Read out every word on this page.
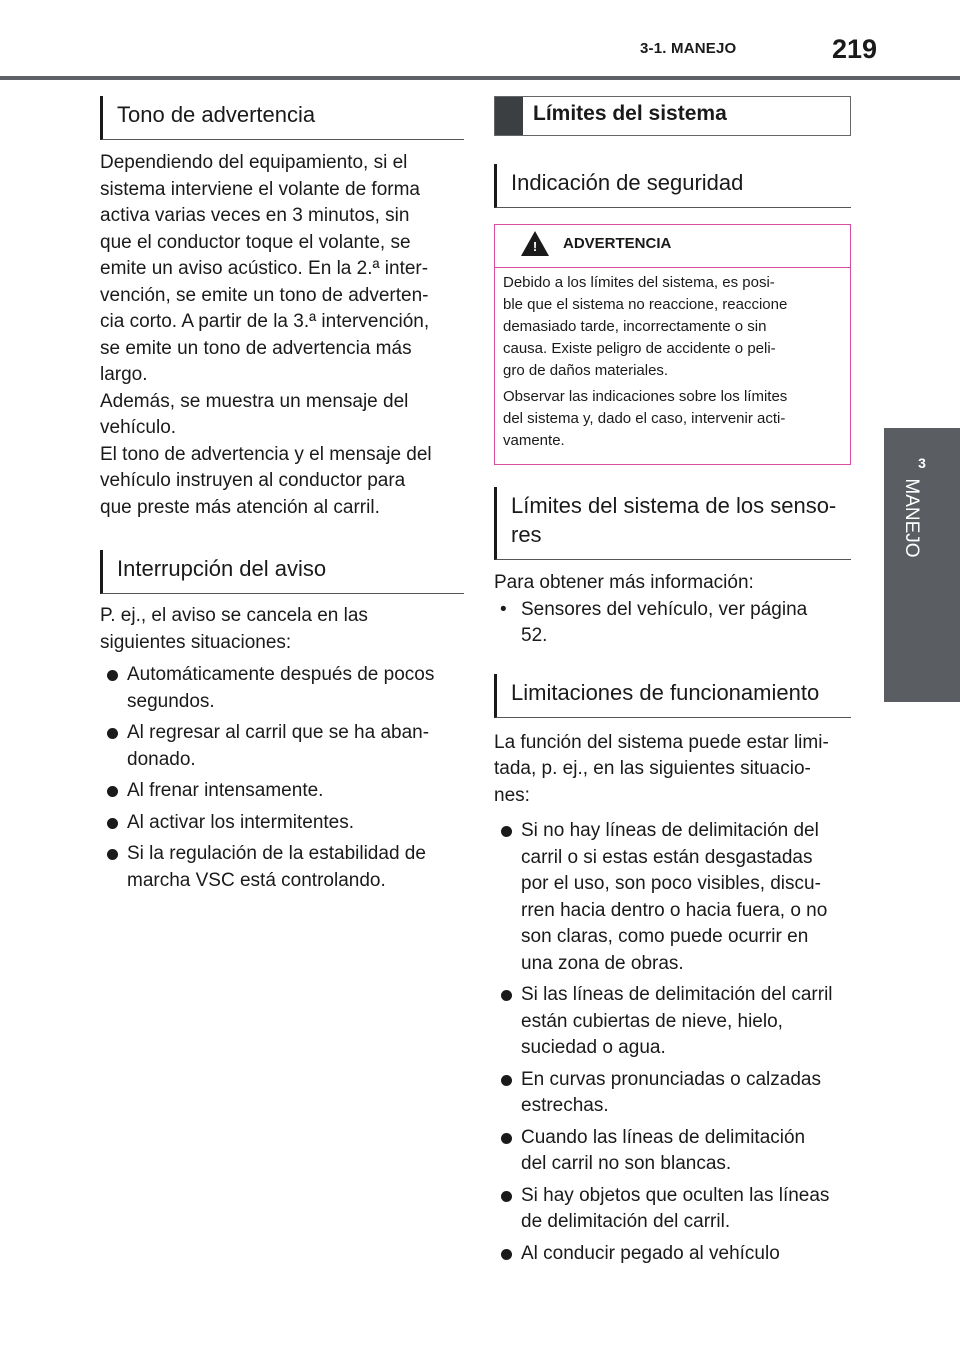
3-1. MANEJO	219
3
MANEJO
Tono de advertencia

Dependiendo del equipamiento, si el
sistema interviene el volante de forma
activa varias veces en 3 minutos, sin
que el conductor toque el volante, se
emite un aviso acústico. En la 2.ª inter-
vención, se emite un tono de adverten-
cia corto. A partir de la 3.ª intervención,
se emite un tono de advertencia más
largo.
Además, se muestra un mensaje del
vehículo.
El tono de advertencia y el mensaje del
vehículo instruyen al conductor para
que preste más atención al carril.

Interrupción del aviso

P. ej., el aviso se cancela en las
siguientes situaciones:

Automáticamente después de pocos
segundos.
Al regresar al carril que se ha aban-
donado.
Al frenar intensamente.
Al activar los intermitentes.
Si la regulación de la estabilidad de
marcha VSC está controlando.
Límites del sistema
Indicación de seguridad
! ADVERTENCIA
Debido a los límites del sistema, es posi-
ble que el sistema no reaccione, reaccione
demasiado tarde, incorrectamente o sin
causa. Existe peligro de accidente o peli-
gro de daños materiales.
Observar las indicaciones sobre los límites
del sistema y, dado el caso, intervenir acti-
vamente.
Límites del sistema de los senso-
res

Para obtener más información:

• Sensores del vehículo, ver página
52.
Limitaciones de funcionamiento

La función del sistema puede estar limi-
tada, p. ej., en las siguientes situacio-
nes:

Si no hay líneas de delimitación del
carril o si estas están desgastadas
por el uso, son poco visibles, discu-
rren hacia dentro o hacia fuera, o no
son claras, como puede ocurrir en
una zona de obras.
Si las líneas de delimitación del carril
están cubiertas de nieve, hielo,
suciedad o agua.
En curvas pronunciadas o calzadas
estrechas.
Cuando las líneas de delimitación
del carril no son blancas.
Si hay objetos que oculten las líneas
de delimitación del carril.
Al conducir pegado al vehículo
